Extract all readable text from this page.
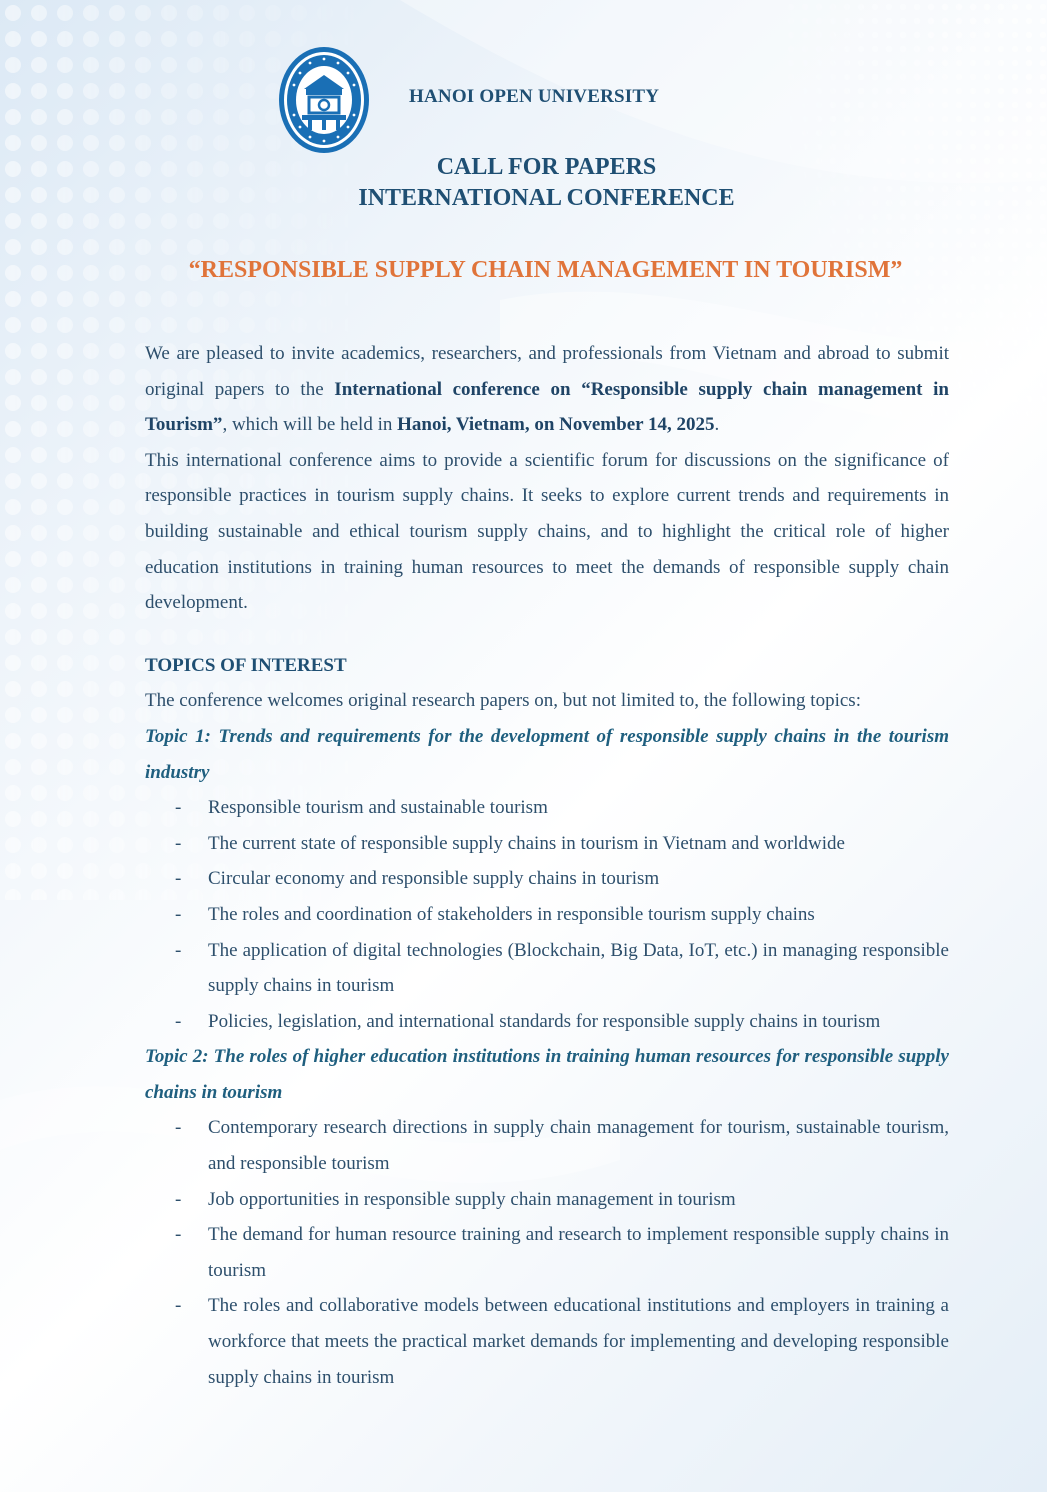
HANOI OPEN UNIVERSITY
CALL FOR PAPERS
INTERNATIONAL CONFERENCE
“RESPONSIBLE SUPPLY CHAIN MANAGEMENT IN TOURISM”

We are pleased to invite academics, researchers, and professionals from Vietnam and abroad to submit original papers to the International conference on “Responsible supply chain management in Tourism”, which will be held in Hanoi, Vietnam, on November 14, 2025.

This international conference aims to provide a scientific forum for discussions on the significance of responsible practices in tourism supply chains. It seeks to explore current trends and requirements in building sustainable and ethical tourism supply chains, and to highlight the critical role of higher education institutions in training human resources to meet the demands of responsible supply chain development.

TOPICS OF INTEREST
The conference welcomes original research papers on, but not limited to, the following topics:
Topic 1: Trends and requirements for the development of responsible supply chains in the tourism industry
- Responsible tourism and sustainable tourism
- The current state of responsible supply chains in tourism in Vietnam and worldwide
- Circular economy and responsible supply chains in tourism
- The roles and coordination of stakeholders in responsible tourism supply chains
- The application of digital technologies (Blockchain, Big Data, IoT, etc.) in managing responsible supply chains in tourism
- Policies, legislation, and international standards for responsible supply chains in tourism
Topic 2: The roles of higher education institutions in training human resources for responsible supply chains in tourism
- Contemporary research directions in supply chain management for tourism, sustainable tourism, and responsible tourism
- Job opportunities in responsible supply chain management in tourism
- The demand for human resource training and research to implement responsible supply chains in tourism
- The roles and collaborative models between educational institutions and employers in training a workforce that meets the practical market demands for implementing and developing responsible supply chains in tourism
